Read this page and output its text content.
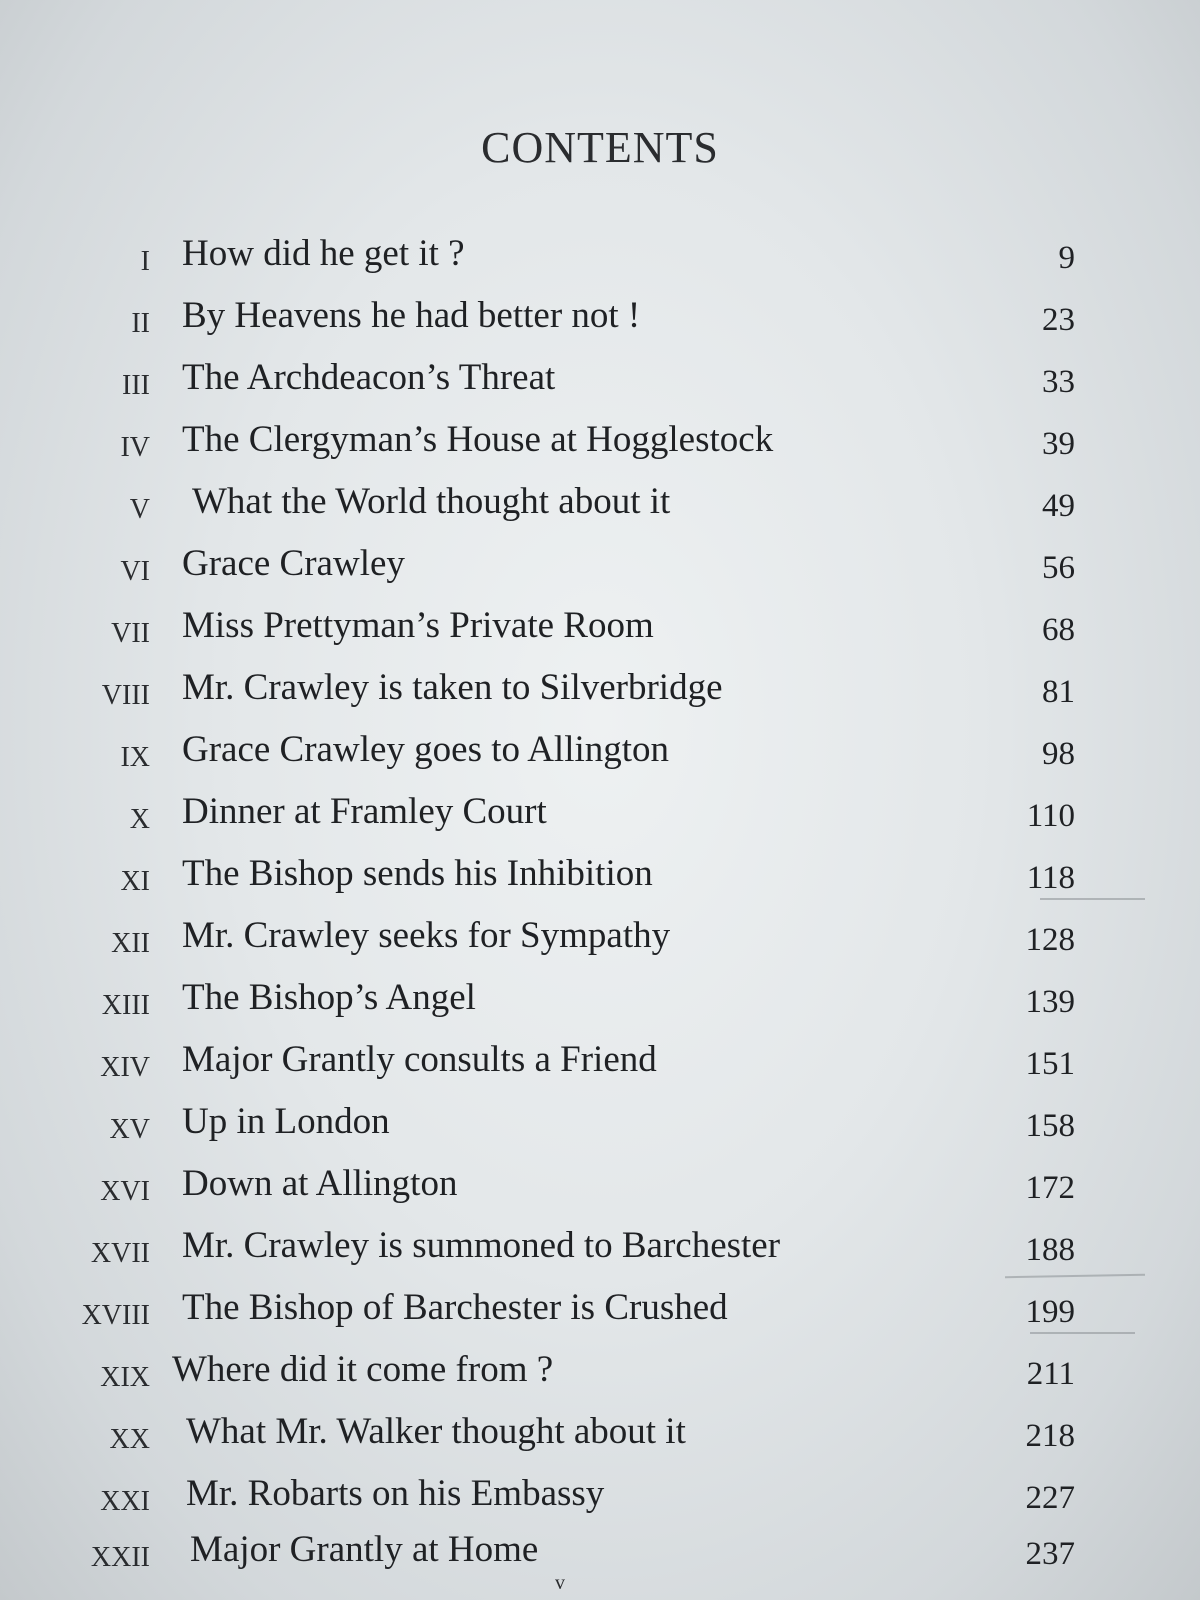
CONTENTS
I How did he get it ?	9
II By Heavens he had better not !	23
III The Archdeacon’s Threat	33
IV The Clergyman’s House at Hogglestock	39
V What the World thought about it	49
VI Grace Crawley	56
VII Miss Prettyman’s Private Room	68
VIII Mr. Crawley is taken to Silverbridge	81
IX Grace Crawley goes to Allington	98
X Dinner at Framley Court	110
XI The Bishop sends his Inhibition	118
XII Mr. Crawley seeks for Sympathy	128
XIII The Bishop’s Angel	139
XIV Major Grantly consults a Friend	151
XV Up in London	158
XVI Down at Allington	172
XVII Mr. Crawley is summoned to Barchester	188
XVIII The Bishop of Barchester is Crushed	199
XIX Where did it come from ?	211
XX What Mr. Walker thought about it	218
XXI Mr. Robarts on his Embassy	227
XXII Major Grantly at Home	237
v
